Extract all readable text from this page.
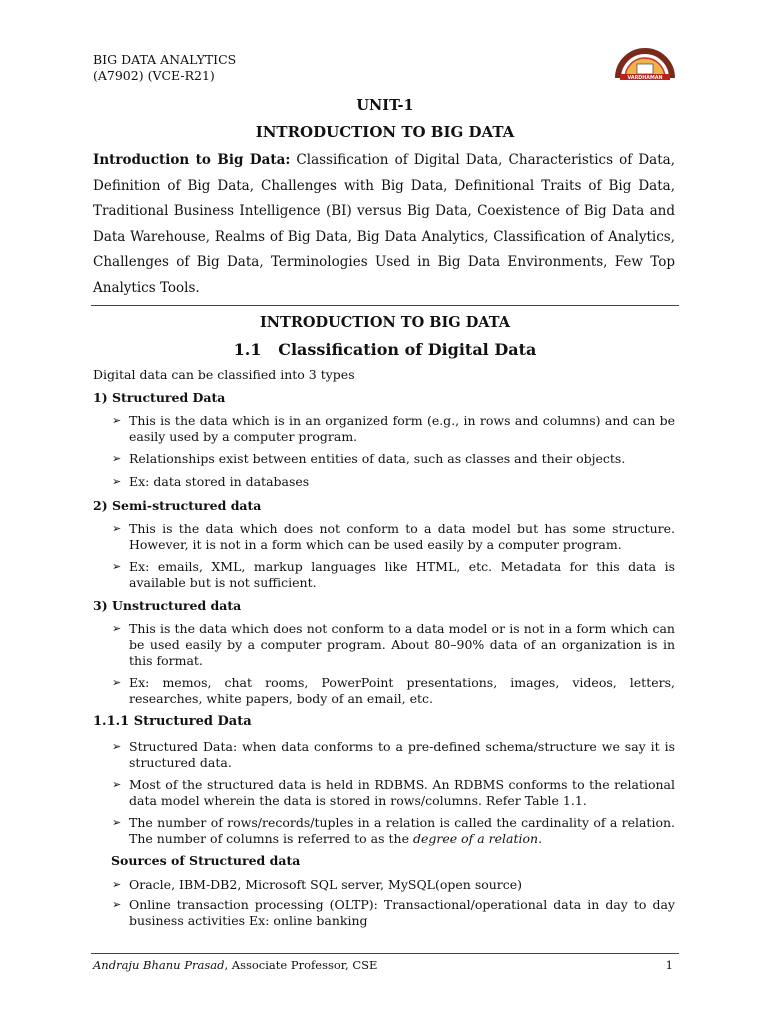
BIG DATA ANALYTICS
(A7902) (VCE-R21)	VARDHAMAN
UNIT-1
INTRODUCTION TO BIG DATA
Introduction to Big Data: Classification of Digital Data, Characteristics of Data, Definition of Big Data, Challenges with Big Data, Definitional Traits of Big Data, Traditional Business Intelligence (BI) versus Big Data, Coexistence of Big Data and Data Warehouse, Realms of Big Data, Big Data Analytics, Classification of Analytics, Challenges of Big Data, Terminologies Used in Big Data Environments, Few Top Analytics Tools.
INTRODUCTION TO BIG DATA
1.1   Classification of Digital Data
Digital data can be classified into 3 types
1) Structured Data
➢ This is the data which is in an organized form (e.g., in rows and columns) and can be easily used by a computer program.
➢ Relationships exist between entities of data, such as classes and their objects.
➢ Ex: data stored in databases
2) Semi-structured data
➢ This is the data which does not conform to a data model but has some structure. However, it is not in a form which can be used easily by a computer program.
➢ Ex: emails, XML, markup languages like HTML, etc. Metadata for this data is available but is not sufficient.
3) Unstructured data
➢ This is the data which does not conform to a data model or is not in a form which can be used easily by a computer program. About 80–90% data of an organization is in this format.
➢ Ex: memos, chat rooms, PowerPoint presentations, images, videos, letters, researches, white papers, body of an email, etc.
1.1.1 Structured Data
➢ Structured Data: when data conforms to a pre-defined schema/structure we say it is structured data.
➢ Most of the structured data is held in RDBMS. An RDBMS conforms to the relational data model wherein the data is stored in rows/columns. Refer Table 1.1.
➢ The number of rows/records/tuples in a relation is called the cardinality of a relation. The number of columns is referred to as the degree of a relation.
Sources of Structured data
➢ Oracle, IBM-DB2, Microsoft SQL server, MySQL(open source)
➢ Online transaction processing (OLTP): Transactional/operational data in day to day business activities Ex: online banking
Andraju Bhanu Prasad, Associate Professor, CSE	1
